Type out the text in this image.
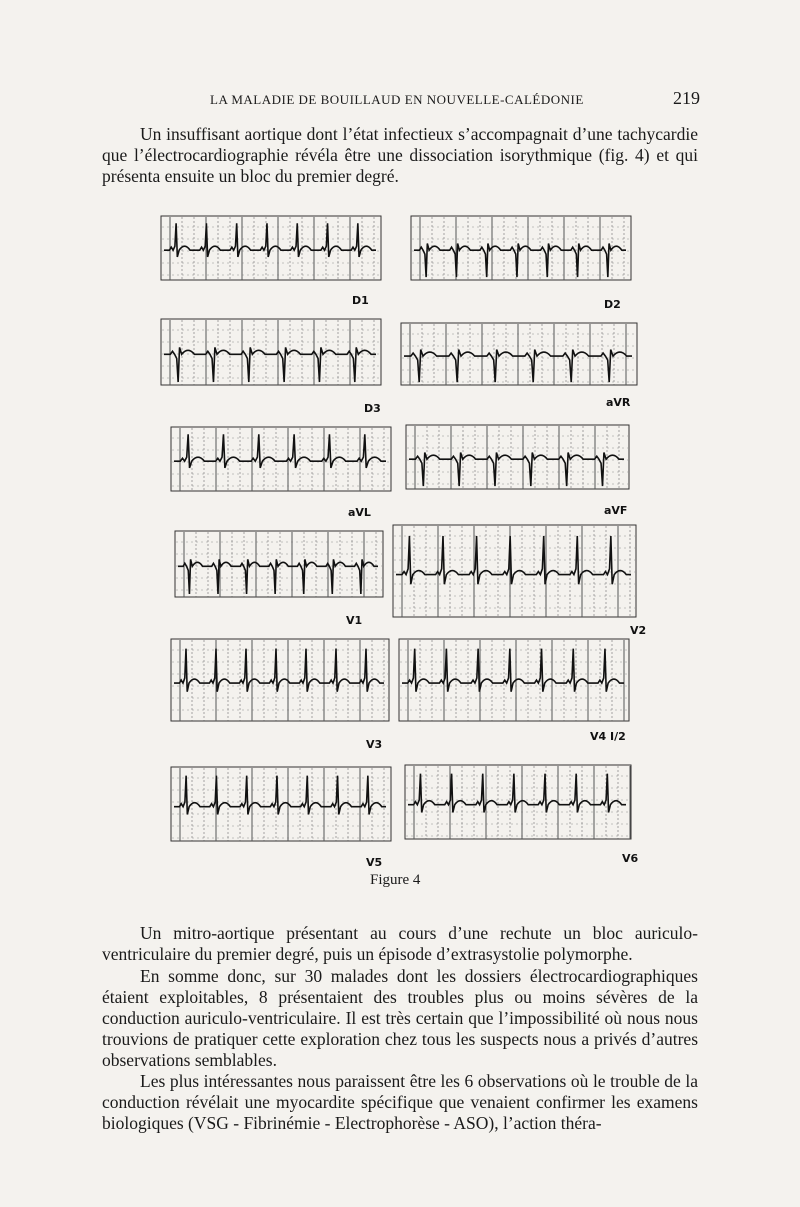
LA MALADIE DE BOUILLAUD EN NOUVELLE-CALÉDONIE	219

Un insuffisant aortique dont l’état infectieux s’accompagnait d’une tachycardie que l’électrocardiographie révéla être une dissociation isorythmique (fig. 4) et qui présenta ensuite un bloc du premier degré.

D1	D2
D3	aVR
aVL	aVF
V1
V2
V3
V4 I/2
V5	V6
Figure 4

Un mitro-aortique présentant au cours d’une rechute un bloc auriculo-ventriculaire du premier degré, puis un épisode d’extrasystolie polymorphe.

En somme donc, sur 30 malades dont les dossiers électrocardiographiques étaient exploitables, 8 présentaient des troubles plus ou moins sévères de la conduction auriculo-ventriculaire. Il est très certain que l’impossibilité où nous nous trouvions de pratiquer cette exploration chez tous les suspects nous a privés d’autres observations semblables.

Les plus intéressantes nous paraissent être les 6 observations où le trouble de la conduction révélait une myocardite spécifique que venaient confirmer les examens biologiques (VSG - Fibrinémie - Electrophorèse - ASO), l’action théra-
